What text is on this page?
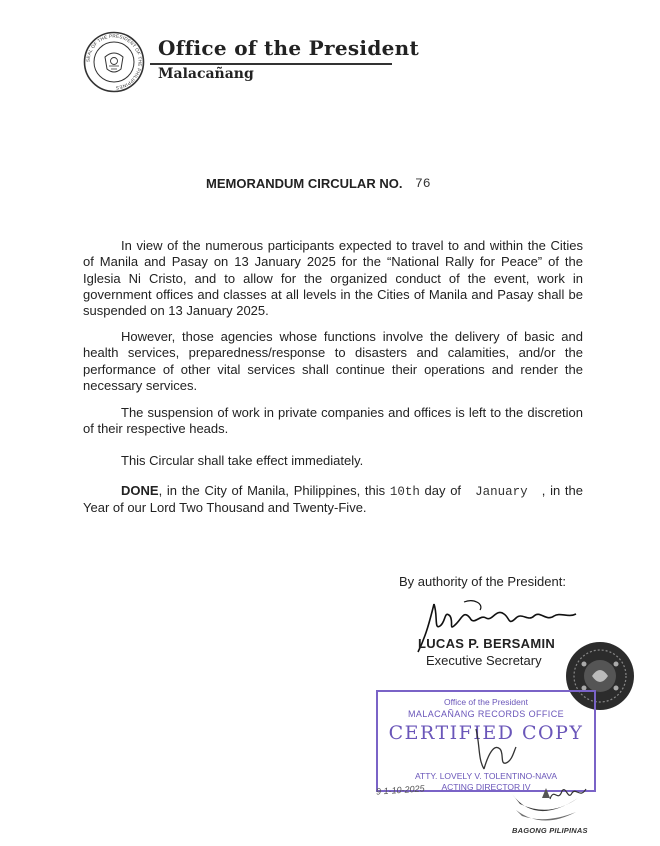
SEAL OF THE PRESIDENT OF THE PHILIPPINES
Office of the President
Malacañang
MEMORANDUM CIRCULAR NO. 76

In view of the numerous participants expected to travel to and within the Cities of Manila and Pasay on 13 January 2025 for the “National Rally for Peace” of the Iglesia Ni Cristo, and to allow for the organized conduct of the event, work in government offices and classes at all levels in the Cities of Manila and Pasay shall be suspended on 13 January 2025.

However, those agencies whose functions involve the delivery of basic and health services, preparedness/response to disasters and calamities, and/or the performance of other vital services shall continue their operations and render the necessary services.

The suspension of work in private companies and offices is left to the discretion of their respective heads.

This Circular shall take effect immediately.

DONE, in the City of Manila, Philippines, this 10th day of January , in the Year of our Lord Two Thousand and Twenty-Five.

By authority of the President:
LUCAS P. BERSAMIN
Executive Secretary
Office of the President
MALACAÑANG RECORDS OFFICE
CERTIFIED COPY
ATTY. LOVELY V. TOLENTINO-NAVA
ACTING DIRECTOR IV
9 1-10-2025
BAGONG PILIPINAS
